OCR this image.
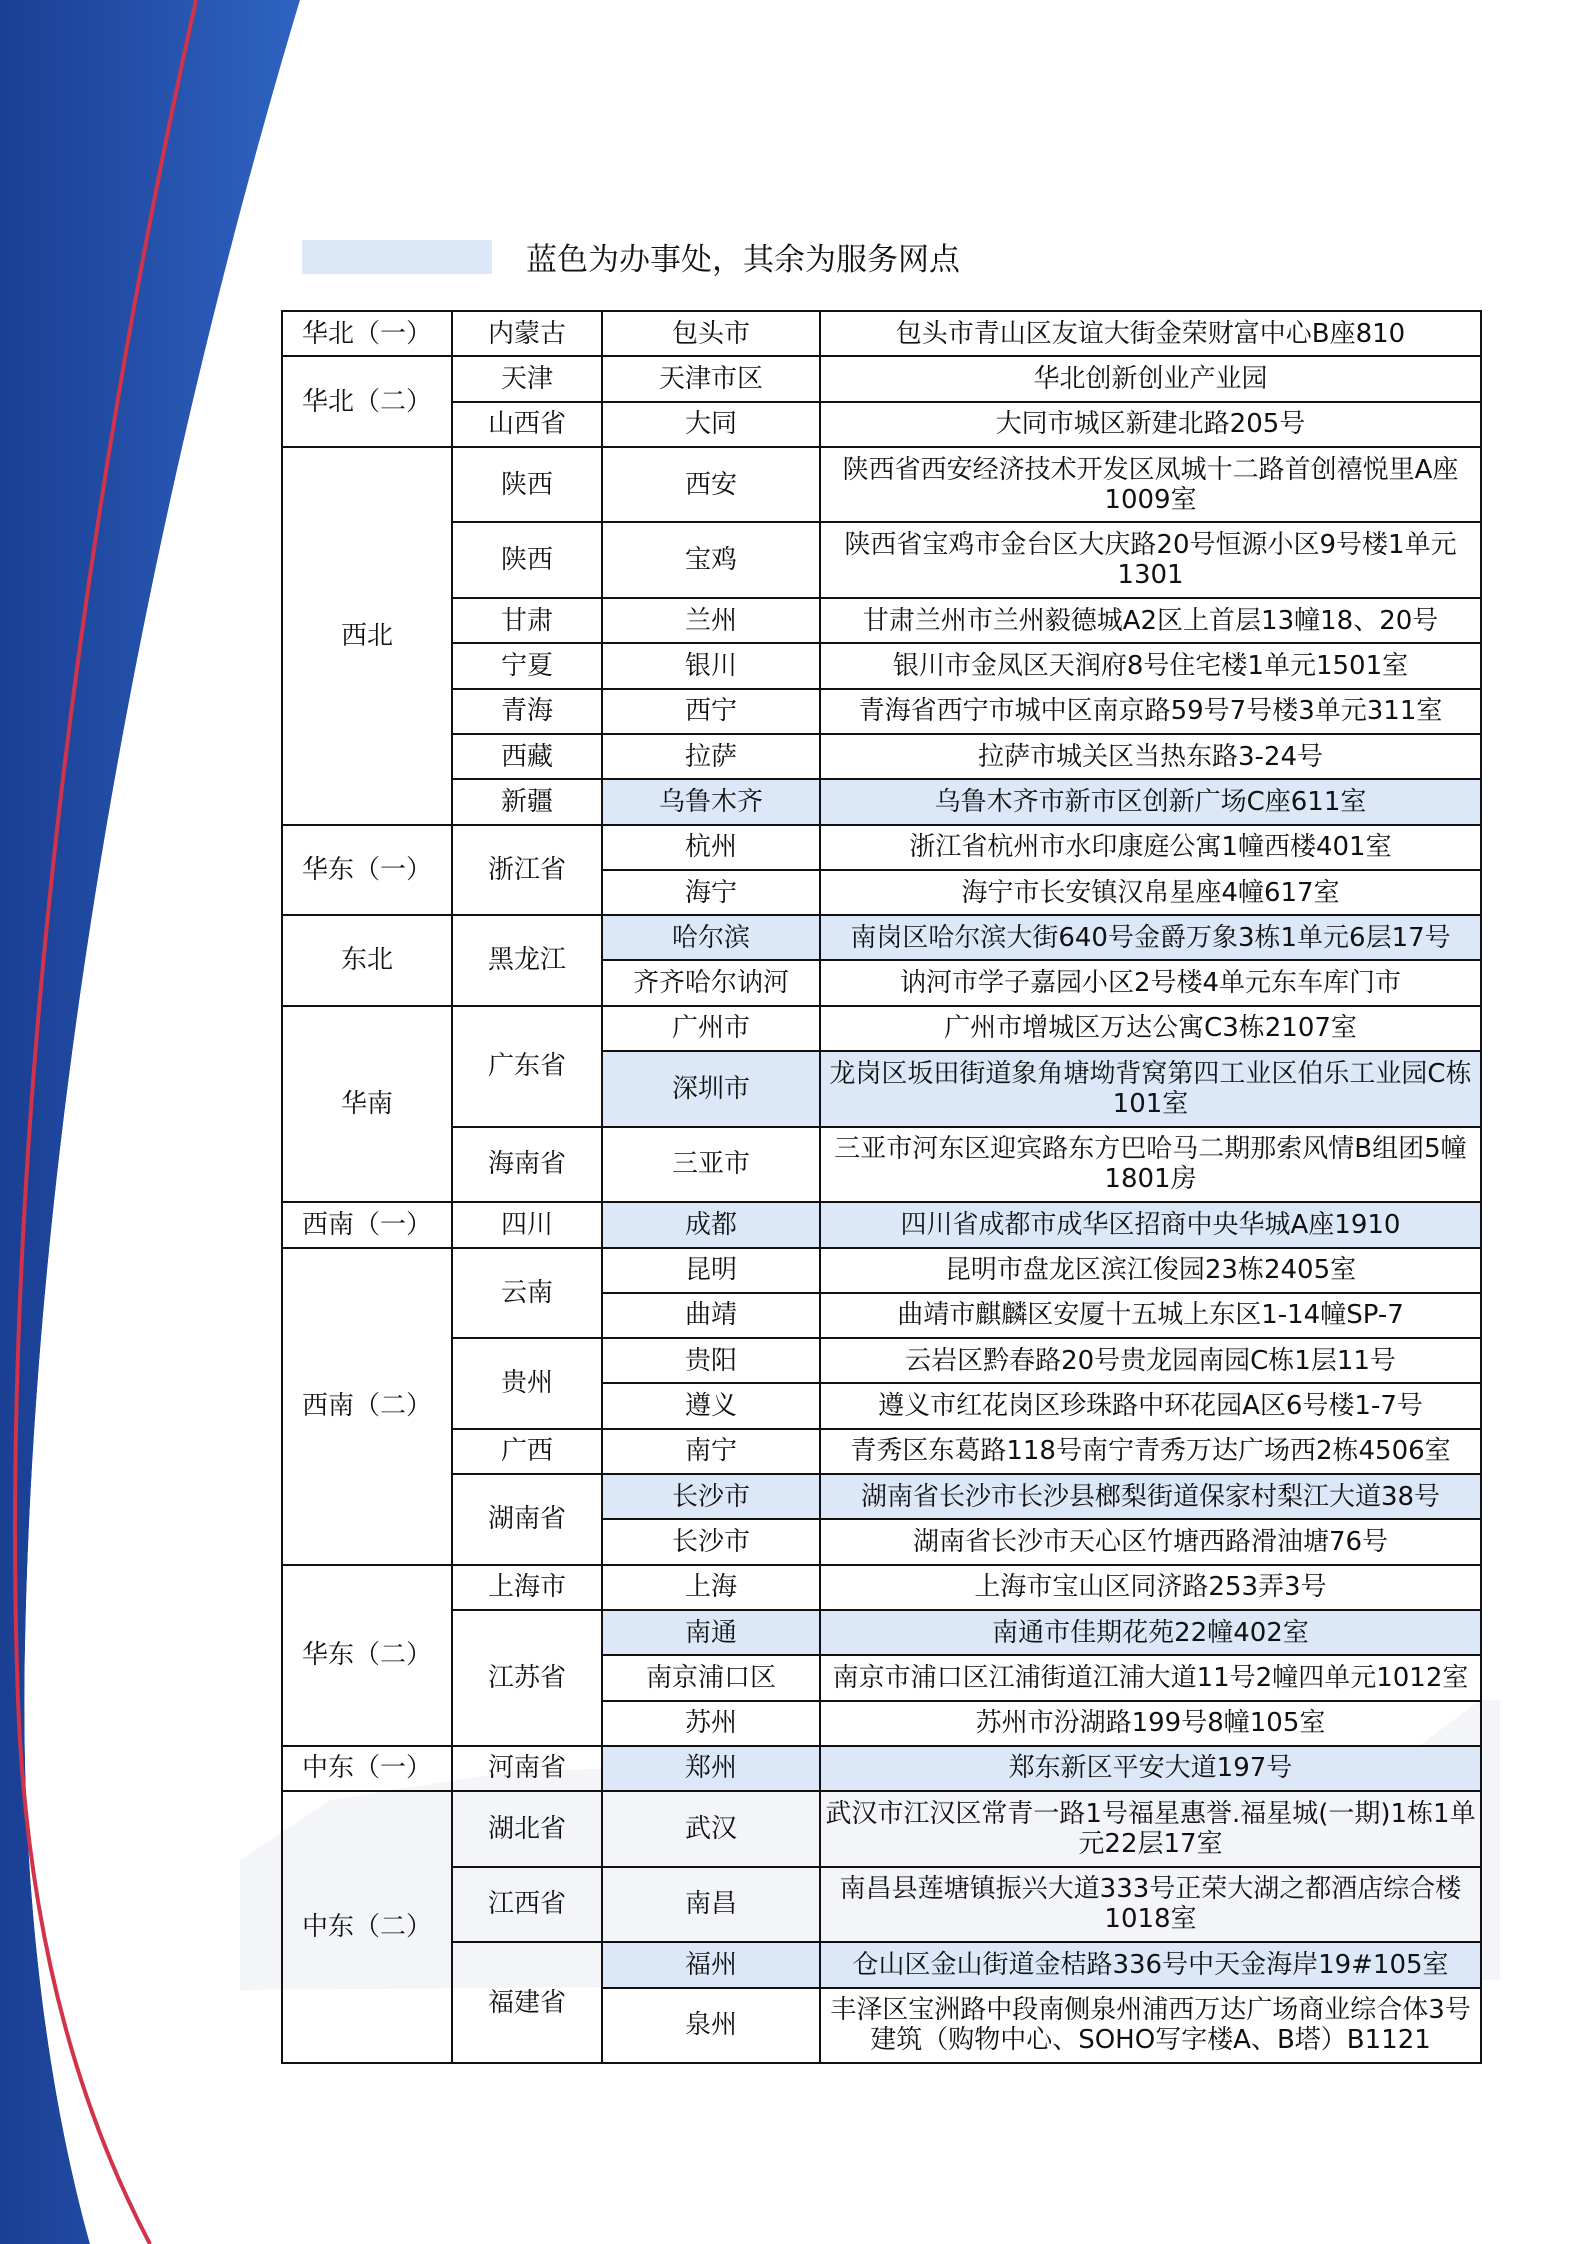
蓝色为办事处，其余为服务网点
华北（一）	内蒙古	包头市	包头市青山区友谊大街金荣财富中心B座810
华北（二）	天津	天津市区	华北创新创业产业园
	山西省	大同	大同市城区新建北路205号
西北	陕西	西安	陕西省西安经济技术开发区凤城十二路首创禧悦里A座1009室
	陕西	宝鸡	陕西省宝鸡市金台区大庆路20号恒源小区9号楼1单元1301
	甘肃	兰州	甘肃兰州市兰州毅德城A2区上首层13幢18、20号
	宁夏	银川	银川市金凤区天润府8号住宅楼1单元1501室
	青海	西宁	青海省西宁市城中区南京路59号7号楼3单元311室
	西藏	拉萨	拉萨市城关区当热东路3-24号
	新疆	乌鲁木齐	乌鲁木齐市新市区创新广场C座611室
华东（一）	浙江省	杭州	浙江省杭州市水印康庭公寓1幢西楼401室
		海宁	海宁市长安镇汉帛星座4幢617室
东北	黑龙江	哈尔滨	南岗区哈尔滨大街640号金爵万象3栋1单元6层17号
		齐齐哈尔讷河	讷河市学子嘉园小区2号楼4单元东车库门市
华南	广东省	广州市	广州市增城区万达公寓C3栋2107室
		深圳市	龙岗区坂田街道象角塘坳背窝第四工业区伯乐工业园C栋101室
	海南省	三亚市	三亚市河东区迎宾路东方巴哈马二期那索风情B组团5幢1801房
西南（一）	四川	成都	四川省成都市成华区招商中央华城A座1910
西南（二）	云南	昆明	昆明市盘龙区滨江俊园23栋2405室
		曲靖	曲靖市麒麟区安厦十五城上东区1-14幢SP-7
	贵州	贵阳	云岩区黔春路20号贵龙园南园C栋1层11号
		遵义	遵义市红花岗区珍珠路中环花园A区6号楼1-7号
	广西	南宁	青秀区东葛路118号南宁青秀万达广场西2栋4506室
	湖南省	长沙市	湖南省长沙市长沙县榔梨街道保家村梨江大道38号
		长沙市	湖南省长沙市天心区竹塘西路滑油塘76号
华东（二）	上海市	上海	上海市宝山区同济路253弄3号
	江苏省	南通	南通市佳期花苑22幢402室
		南京浦口区	南京市浦口区江浦街道江浦大道11号2幢四单元1012室
		苏州	苏州市汾湖路199号8幢105室
中东（一）	河南省	郑州	郑东新区平安大道197号
中东（二）	湖北省	武汉	武汉市江汉区常青一路1号福星惠誉.福星城(一期)1栋1单元22层17室
	江西省	南昌	南昌县莲塘镇振兴大道333号正荣大湖之都酒店综合楼1018室
	福建省	福州	仓山区金山街道金桔路336号中天金海岸19#105室
		泉州	丰泽区宝洲路中段南侧泉州浦西万达广场商业综合体3号建筑（购物中心、SOHO写字楼A、B塔）B1121
